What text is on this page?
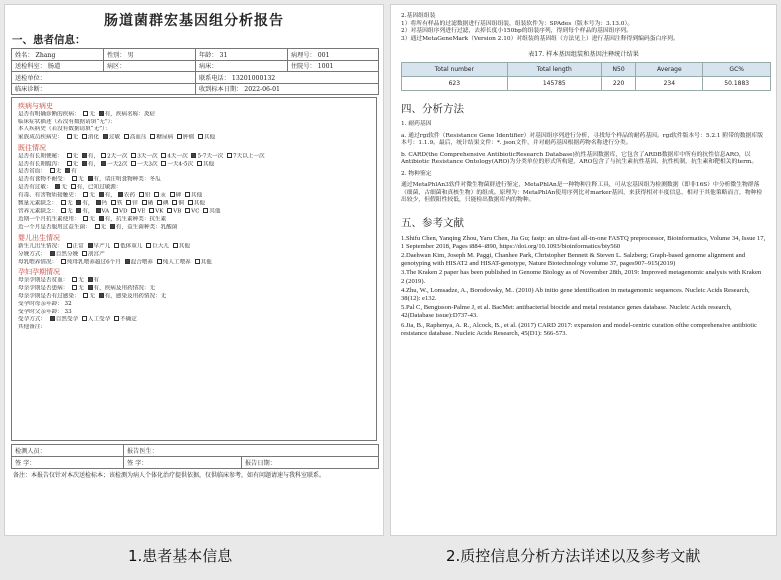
肠道菌群宏基因组分析报告
一、患者信息：
姓名： Zhang	性别： 男	年龄： 31	病理号： 001
送检科室： 肠道	病区：	病床：	住院号： 1001
送检单位：		联系电话： 13201000132	
临床诊断：		收到标本日期： 2022-06-01	
疾病与病史
是否有明确诊断的疾病： 无 有，疾病名称：炎症
临床症状描述（若没有数据请填“无”）：
本人疾病史（若没有数据请填“无”）：
家族成员疾病史： 无 消化 过敏 高血压 糖尿病 肿瘤 其他
既往情况
是否有长期便秘： 无 有， 2天一次 3天一次 4天一次 5-7天一次 7天以上一次
是否有长期腹泻： 无 有， 一天2次 一天3次 一天4-5次 其他
是否贫血： 无 有
是否有食物不耐受： 无 有，请注明食物种类：冬瓜
是否有过敏： 无 有，已知过敏源：
有毒、有害物质接触史： 无 有， 农药 铅 汞 砷 其他
微量元素缺乏： 无 有， 钙 铁 锌 硒 碘 铜 其他
营养元素缺乏： 无 有， VA VD VE VK VB VC 其他
近期一个月抗生素使用： 无 有，抗生素种类：抗生素
近一个月是否服用过益生菌： 无 有，益生菌种类：乳酸菌
婴儿出生情况
新生儿出生情况： 正常 早产儿 低体重儿 巨大儿 其他
分娩方式： 自然分娩 剖宫产
母乳喂养情况： 纯母乳喂养超过6个月 混合喂养 纯人工喂养 其他
孕妇孕期情况
母亲孕期是否贫血： 无 有
母亲孕期是否患病： 无 有，疾病及用药情况：无
母亲孕期是否有过感染： 无 有，感染及用药情况：无
受孕时母亲年龄： 32
受孕时父亲年龄： 33
受孕方式： 自然受孕 人工受孕 不确定
其他备注：
检测人员：	报告医生：	
签 字：	签 字：	报告日期：
备注：本报告仅针对本次送检标本；该检测为病人个体化治疗提供依据，仅供临床参考，如有问题请速与我科室联系。
2.基因组组装
1）将所有样品的过滤数据进行基因组组装，组装软件为：SPAdes（版本号为：3.13.0）。
2）对基因组序列进行过滤，去掉长度小150bp的组装序列，得到每个样品的基因组序列。
3）通过MetaGeneMark（Version 2.10）对组装的基因组（方法见上）进行基因注释得到编码蛋白序列。
表17. 样本基因组装和基因注释统计结果
Total number	Total length	N50	Average	GC%
623	145785	220	234	50.1883
四、分析方法
1. 耐药基因
a. 通过rgi软件（Resistance Gene Identifier）对基因组序列进行分析，寻找每个样品的耐药基因。rgi软件版本号：5.2.1 附带的数据库版本号：1.1.9。最后，统计结果文件：*. json文件，并对耐药基因根据药物名称进行分类。
b. CARD(the Comprehensive AntibioticResearch Database)抗性基因数据库，它包含了ARDB数据库中所有的抗性信息ARO，以Antibiotic Resistance Ontology(ARO)为分类单位的形式所构建，ARO包含了与抗生素抗性基因、抗性机制，抗生素和靶相关的term。
2. 物种鉴定
通过MetaPhlAn3软件对微生物菌群进行鉴定，MetaPhlAn是一种物种注释工具，可从宏基因组为检测数据（即非16S）中分析微生物群落（细菌，古细菌和真核生物）的组成。原理为：MetaPhlAn使用序列比对marker基因，来获得相对丰度信息，相对于其他策略而言，物种检出较少，但假阳性较低，只能检出数据库内的物种。
五、参考文献
1.Shifu Chen, Yanqing Zhou, Yaru Chen, Jia Gu; fastp: an ultra-fast all-in-one FASTQ preprocessor, Bioinformatics, Volume 34, Issue 17, 1 September 2018, Pages i884–i890, https://doi.org/10.1093/bioinformatics/bty560
2.Daehwan Kim, Joseph M. Paggi, Chanhee Park, Christopher Bennett & Steven L. Salzberg; Graph-based genome alignment and genotyping with HISAT2 and HISAT-genotype, Nature Biotechnology volume 37, pages907–915(2019)
3.The Kraken 2 paper has been published in Genome Biology as of November 28th, 2019: Improved metagenomic analysis with Kraken 2 (2019).
4.Zhu, W., Lomsadze, A., Borodovsky, M.. (2010) Ab initio gene identification in metagenomic sequences. Nucleic Acids Research, 38(12): e132.
5.Pal C, Bengtsson-Palme J, et al. BacMet: antibacterial biocide and metal resistance genes database. Nucleic Acids research, 42(Database issue):D737-43.
6.Jia, B., Raphenya, A. R., Alcock, B., et al. (2017) CARD 2017: expansion and model-centric curation ofthe comprehensive antibiotic resistance database. Nucleic Acids Research, 45(D1): 566-573.
1.患者基本信息	2.质控信息分析方法详述以及参考文献
